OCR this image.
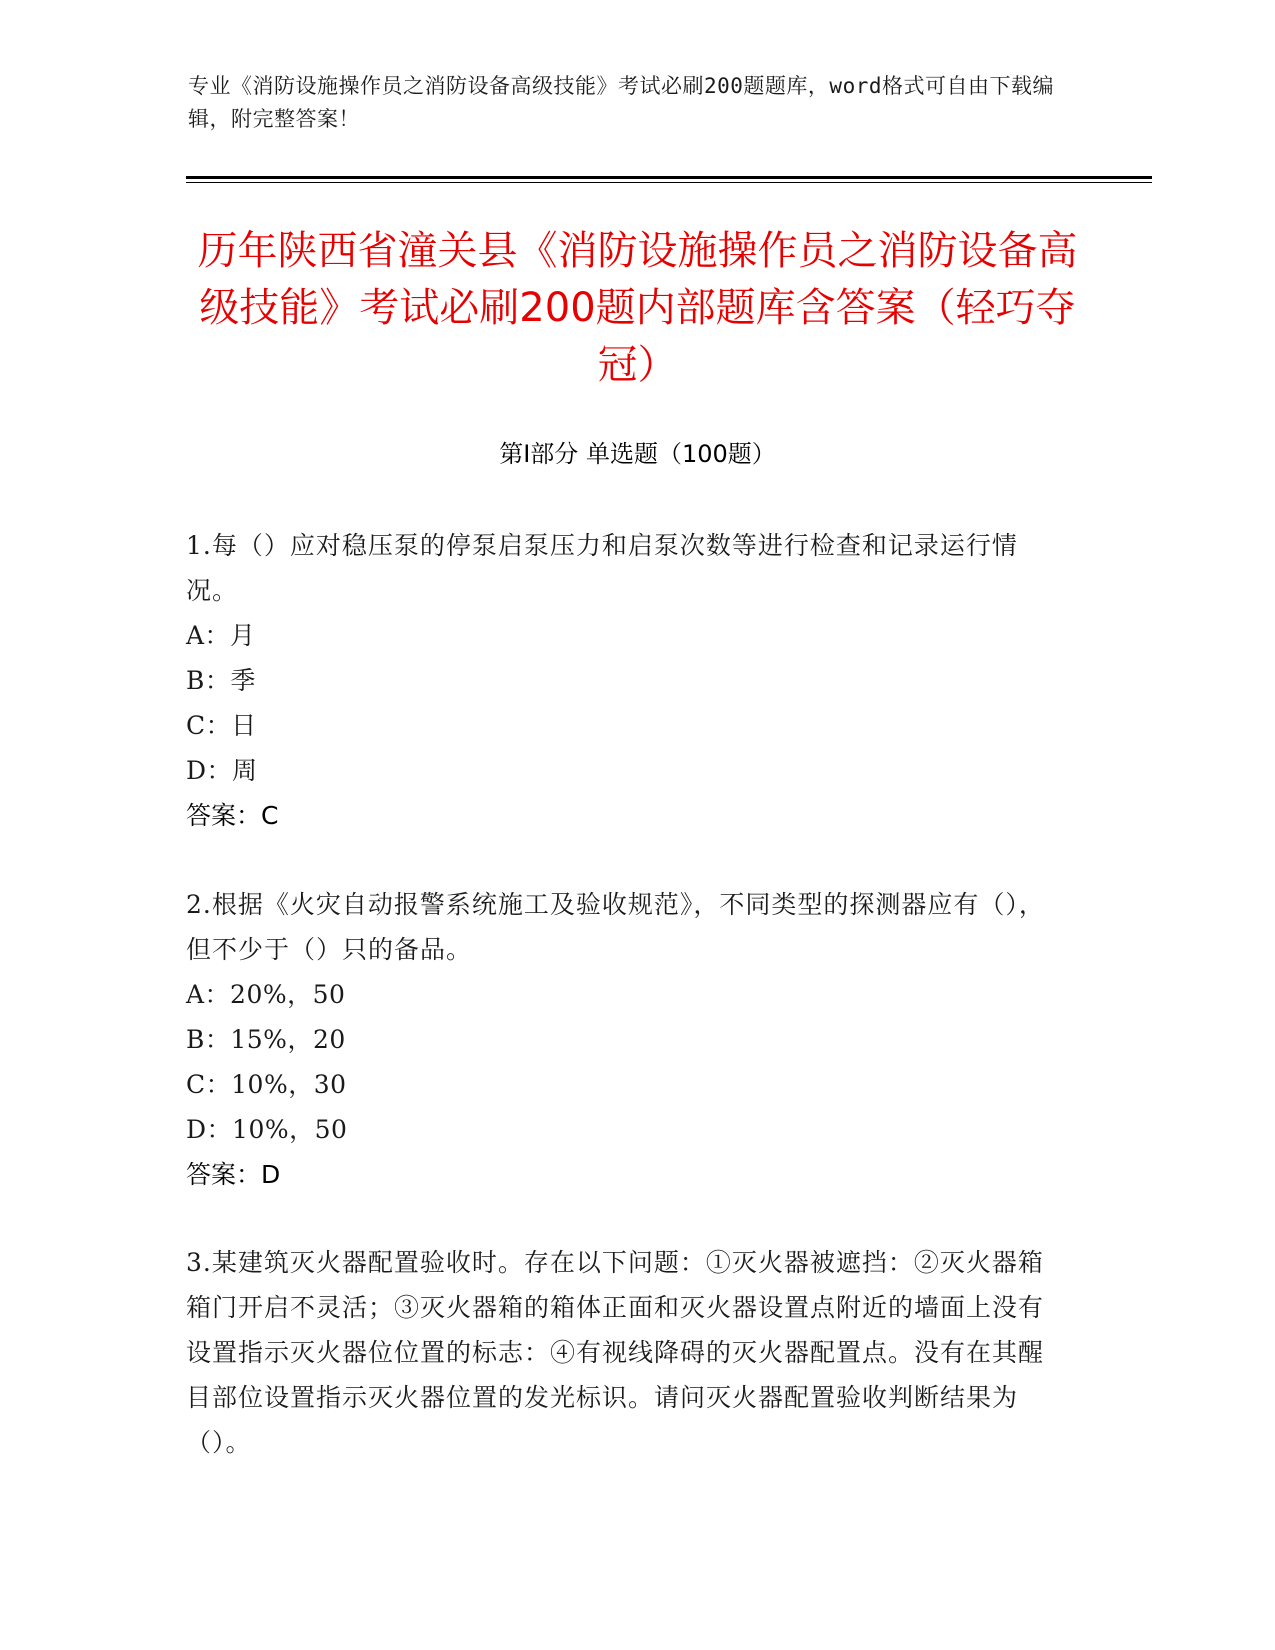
专业《消防设施操作员之消防设备高级技能》考试必刷200题题库，word格式可自由下载编辑，附完整答案！
历年陕西省潼关县《消防设施操作员之消防设备高级技能》考试必刷200题内部题库含答案（轻巧夺冠）
第Ⅰ部分 单选题（100题）

1.每（）应对稳压泵的停泵启泵压力和启泵次数等进行检查和记录运行情况。

A：月

B：季

C：日

D：周

答案：C

2.根据《火灾自动报警系统施工及验收规范》，不同类型的探测器应有（），但不少于（）只的备品。

A：20%，50

B：15%，20

C：10%，30

D：10%，50

答案：D

3.某建筑灭火器配置验收时。存在以下问题：①灭火器被遮挡：②灭火器箱箱门开启不灵活；③灭火器箱的箱体正面和灭火器设置点附近的墙面上没有设置指示灭火器位位置的标志：④有视线降碍的灭火器配置点。没有在其醒目部位设置指示灭火器位置的发光标识。请问灭火器配置验收判断结果为（）。
